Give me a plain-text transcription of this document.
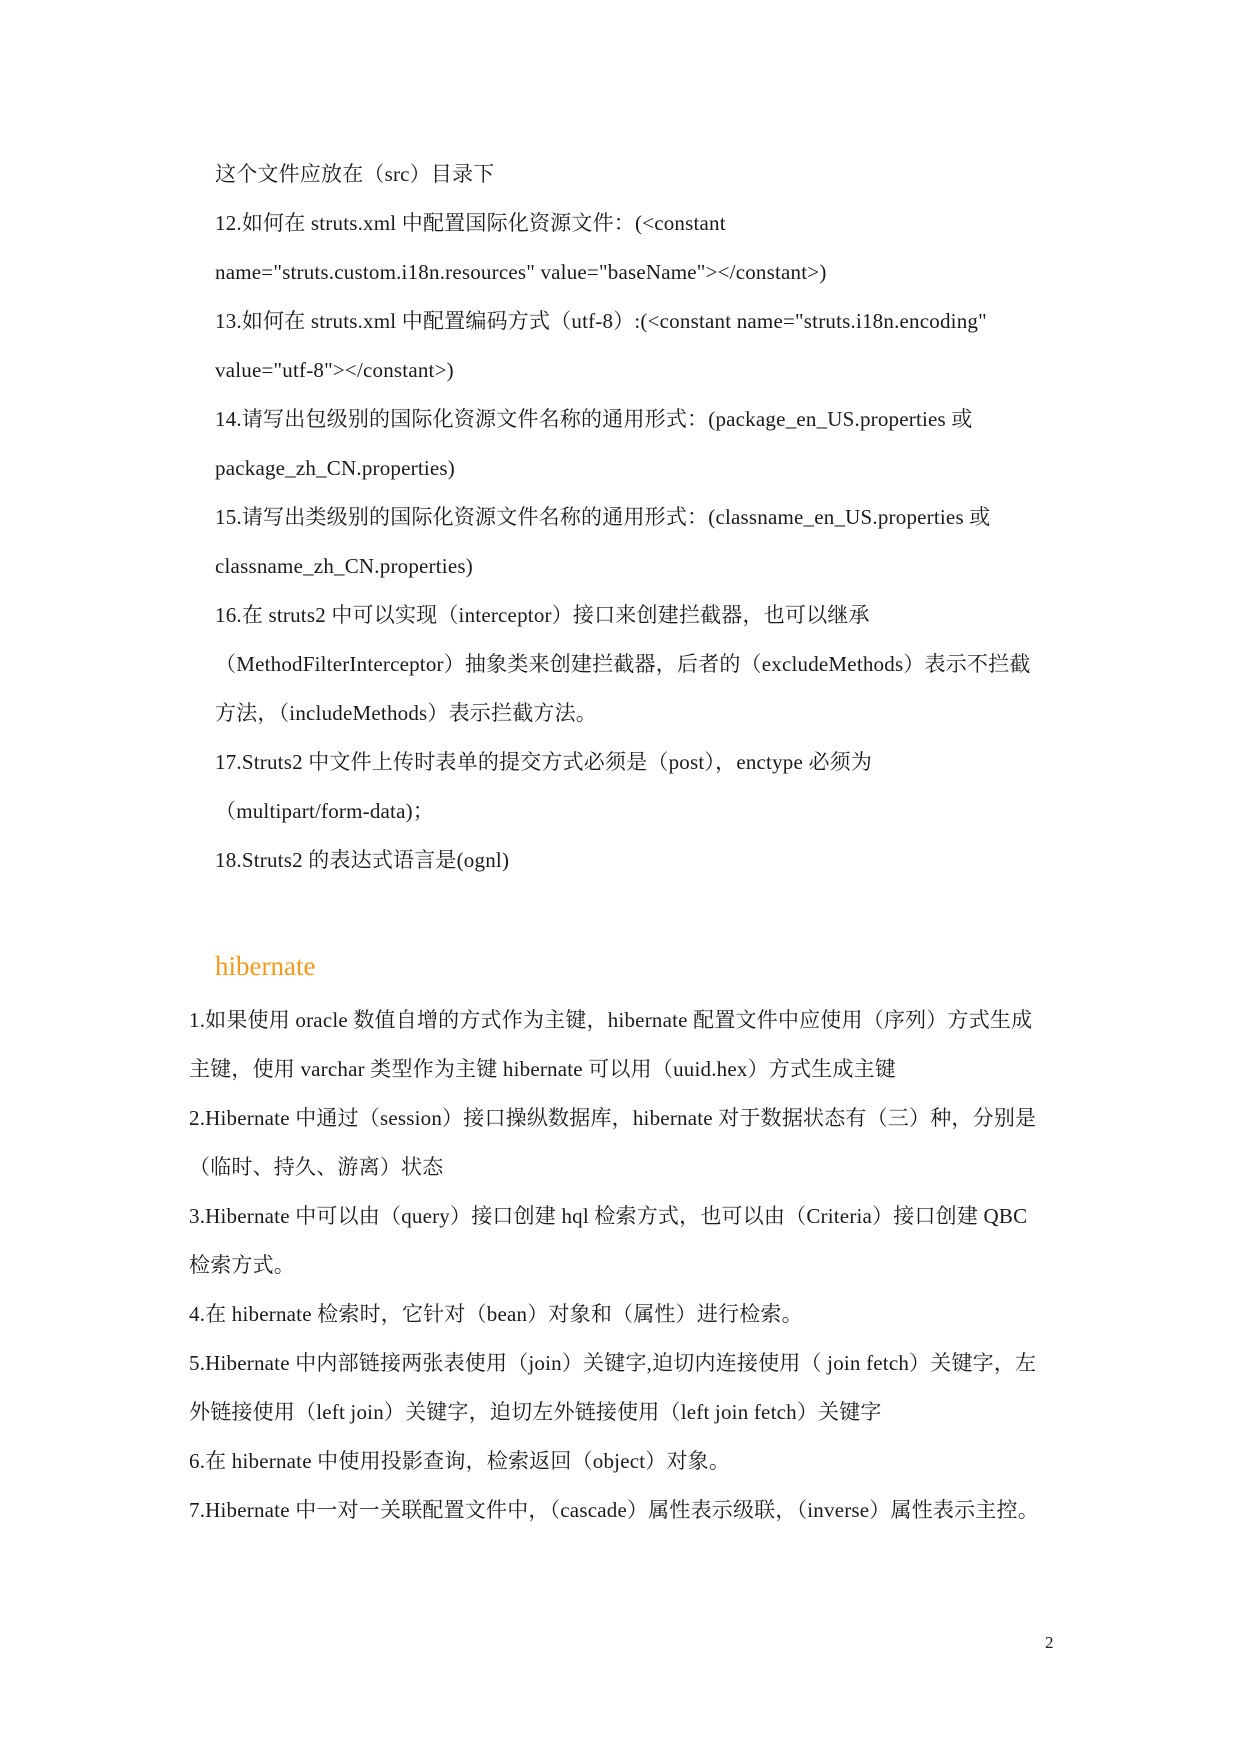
这个文件应放在（src）目录下
12.如何在 struts.xml 中配置国际化资源文件：(<constant
name="struts.custom.i18n.resources" value="baseName"></constant>)
13.如何在 struts.xml 中配置编码方式（utf-8）:(<constant name="struts.i18n.encoding"
value="utf-8"></constant>)
14.请写出包级别的国际化资源文件名称的通用形式：(package_en_US.properties 或
package_zh_CN.properties)
15.请写出类级别的国际化资源文件名称的通用形式：(classname_en_US.properties 或
classname_zh_CN.properties)
16.在 struts2 中可以实现（interceptor）接口来创建拦截器，也可以继承
（MethodFilterInterceptor）抽象类来创建拦截器，后者的（excludeMethods）表示不拦截
方法，（includeMethods）表示拦截方法。
17.Struts2 中文件上传时表单的提交方式必须是（post），enctype 必须为
（multipart/form-data)；
18.Struts2 的表达式语言是(ognl)
hibernate
1.如果使用 oracle 数值自增的方式作为主键，hibernate 配置文件中应使用（序列）方式生成
主键，使用 varchar 类型作为主键 hibernate 可以用（uuid.hex）方式生成主键
2.Hibernate 中通过（session）接口操纵数据库，hibernate 对于数据状态有（三）种，分别是
（临时、持久、游离）状态
3.Hibernate 中可以由（query）接口创建 hql 检索方式，也可以由（Criteria）接口创建 QBC
检索方式。
4.在 hibernate 检索时，它针对（bean）对象和（属性）进行检索。
5.Hibernate 中内部链接两张表使用（join）关键字,迫切内连接使用（ join fetch）关键字，左
外链接使用（left join）关键字，迫切左外链接使用（left join fetch）关键字
6.在 hibernate 中使用投影查询，检索返回（object）对象。
7.Hibernate 中一对一关联配置文件中，（cascade）属性表示级联，（inverse）属性表示主控。
2
